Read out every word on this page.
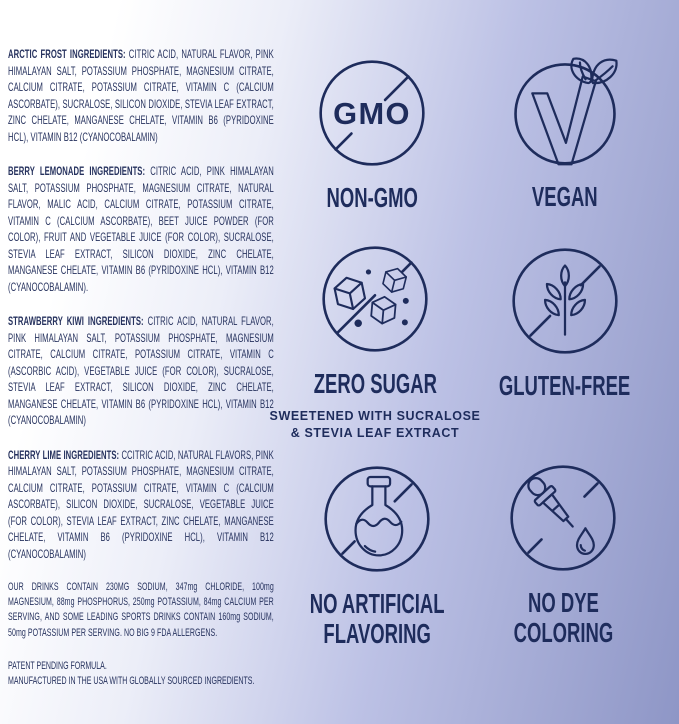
ARCTIC FROST INGREDIENTS: CITRIC ACID, NATURAL FLAVOR, PINK HIMALAYAN SALT, POTASSIUM PHOSPHATE, MAGNESIUM CITRATE, CALCIUM CITRATE, POTASSIUM CITRATE, VITAMIN C (CALCIUM ASCORBATE), SUCRALOSE, SILICON DIOXIDE, STEVIA LEAF EXTRACT, ZINC CHELATE, MANGANESE CHELATE, VITAMIN B6 (PYRIDOXINE HCL), VITAMIN B12 (CYANOCOBALAMIN)

BERRY LEMONADE INGREDIENTS: CITRIC ACID, PINK HIMALAYAN SALT, POTASSIUM PHOSPHATE, MAGNESIUM CITRATE, NATURAL FLAVOR, MALIC ACID, CALCIUM CITRATE, POTASSIUM CITRATE, VITAMIN C (CALCIUM ASCORBATE), BEET JUICE POWDER (FOR COLOR), FRUIT AND VEGETABLE JUICE (FOR COLOR), SUCRALOSE, STEVIA LEAF EXTRACT, SILICON DIOXIDE, ZINC CHELATE, MANGANESE CHELATE, VITAMIN B6 (PYRIDOXINE HCL), VITAMIN B12 (CYANOCOBALAMIN).

STRAWBERRY KIWI INGREDIENTS: CITRIC ACID, NATURAL FLAVOR, PINK HIMALAYAN SALT, POTASSIUM PHOSPHATE, MAGNESIUM CITRATE, CALCIUM CITRATE, POTASSIUM CITRATE, VITAMIN C (ASCORBIC ACID), VEGETABLE JUICE (FOR COLOR), SUCRALOSE, STEVIA LEAF EXTRACT, SILICON DIOXIDE, ZINC CHELATE, MANGANESE CHELATE, VITAMIN B6 (PYRIDOXINE HCL), VITAMIN B12 (CYANOCOBALAMIN)

CHERRY LIME INGREDIENTS: CCITRIC ACID, NATURAL FLAVORS, PINK HIMALAYAN SALT, POTASSIUM PHOSPHATE, MAGNESIUM CITRATE, CALCIUM CITRATE, POTASSIUM CITRATE, VITAMIN C (CALCIUM ASCORBATE), SILICON DIOXIDE, SUCRALOSE, VEGETABLE JUICE (FOR COLOR), STEVIA LEAF EXTRACT, ZINC CHELATE, MANGANESE CHELATE, VITAMIN B6 (PYRIDOXINE HCL), VITAMIN B12 (CYANOCOBALAMIN)

OUR DRINKS CONTAIN 230MG SODIUM, 347mg CHLORIDE, 100mg MAGNESIUM, 88mg PHOSPHORUS, 250mg POTASSIUM, 84mg CALCIUM PER SERVING, AND SOME LEADING SPORTS DRINKS CONTAIN 160mg SODIUM, 50mg POTASSIUM PER SERVING. NO BIG 9 FDA ALLERGENS.

PATENT PENDING FORMULA.
MANUFACTURED IN THE USA WITH GLOBALLY SOURCED INGREDIENTS.

GMO
NON-GMO	VEGAN
ZERO SUGAR
SWEETENED WITH SUCRALOSE
& STEVIA LEAF EXTRACT
GLUTEN-FREE
NO ARTIFICIAL
FLAVORING
NO DYE
COLORING
